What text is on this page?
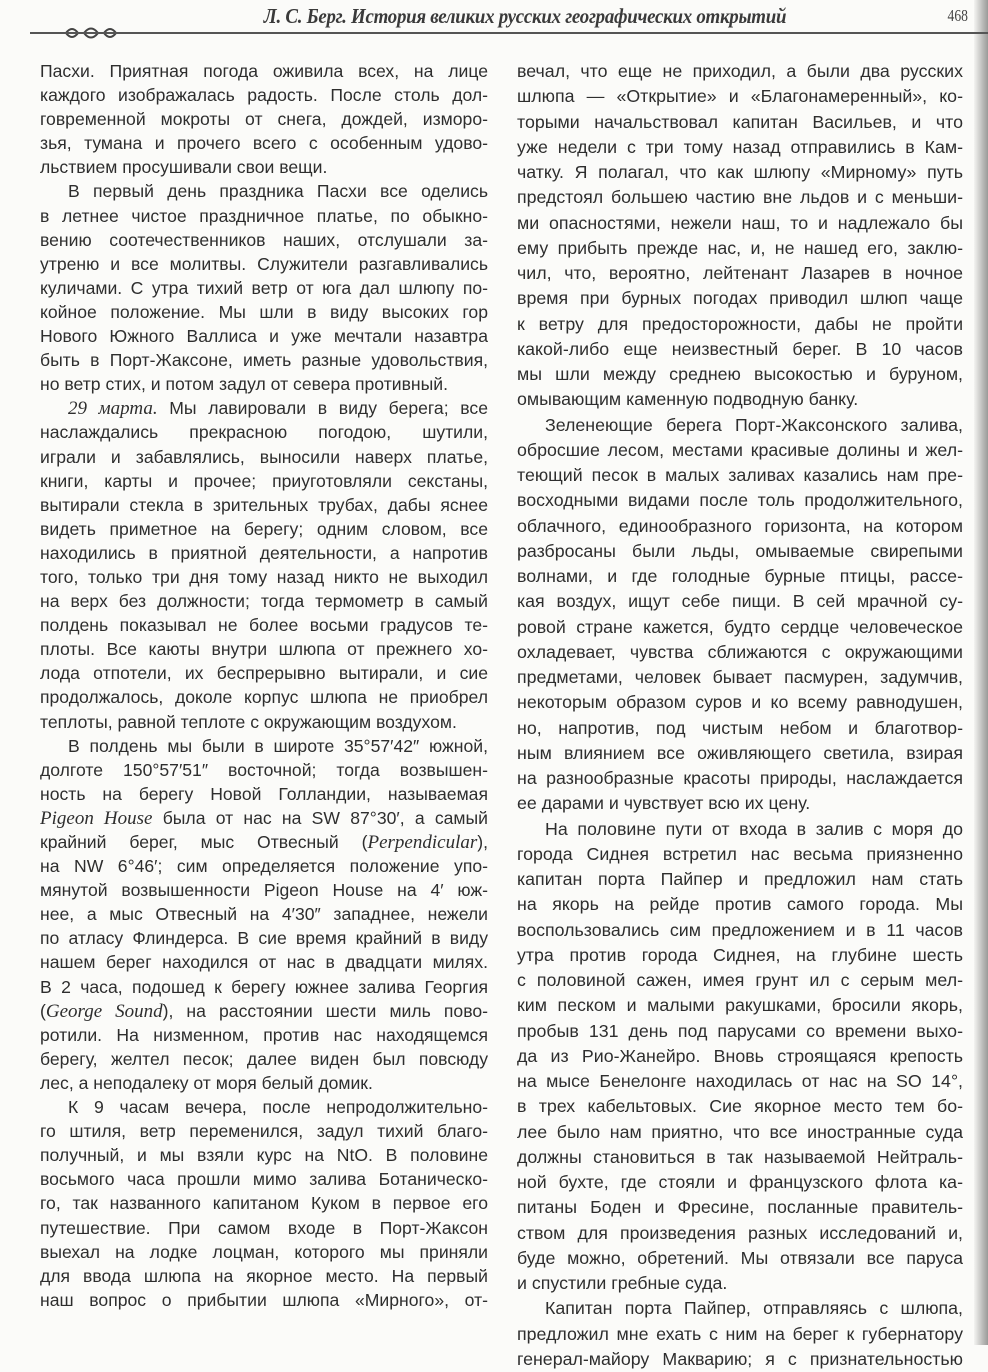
Л. С. Берг. История великих русских географических открытий	468
Пасхи. Приятная погода оживила всех, на лице
каждого изображалась радость. После столь дол-
говременной мокроты от снега, дождей, изморо-
зья, тумана и прочего всего с особенным удово-
льствием просушивали свои вещи.
В первый день праздника Пасхи все оделись
в летнее чистое праздничное платье, по обыкно-
вению соотечественников наших, отслушали за-
утреню и все молитвы. Служители разгавливались
куличами. С утра тихий ветр от юга дал шлюпу по-
койное положение. Мы шли в виду высоких гор
Нового Южного Валлиса и уже мечтали назавтра
быть в Порт-Жаксоне, иметь разные удовольствия,
но ветр стих, и потом задул от севера противный.
29 марта. Мы лавировали в виду берега; все
наслаждались прекрасною погодою, шутили,
играли и забавлялись, выносили наверх платье,
книги, карты и прочее; приуготовляли секстаны,
вытирали стекла в зрительных трубах, дабы яснее
видеть приметное на берегу; одним словом, все
находились в приятной деятельности, а напротив
того, только три дня тому назад никто не выходил
на верх без должности; тогда термометр в самый
полдень показывал не более восьми градусов те-
плоты. Все каюты внутри шлюпа от прежнего хо-
лода отпотели, их беспрерывно вытирали, и сие
продолжалось, доколе корпус шлюпа не приобрел
теплоты, равной теплоте с окружающим воздухом.
В полдень мы были в широте 35°57′42″ южной,
долготе 150°57′51″ восточной; тогда возвышен-
ность на берегу Новой Голландии, называемая
Pigeon House была от нас на SW 87°30′, а самый
крайний берег, мыс Отвесный (Perpendicular),
на NW 6°46′; сим определяется положение упо-
мянутой возвышенности Pigeon House на 4′ юж-
нее, а мыс Отвесный на 4′30″ западнее, нежели
по атласу Флиндерса. В сие время крайний в виду
нашем берег находился от нас в двадцати милях.
В 2 часа, подошед к берегу южнее залива Георгия
(George Sound), на расстоянии шести миль пово-
ротили. На низменном, против нас находящемся
берегу, желтел песок; далее виден был повсюду
лес, а неподалеку от моря белый домик.
К 9 часам вечера, после непродолжительно-
го штиля, ветр переменился, задул тихий благо-
получный, и мы взяли курс на NtO. В половине
восьмого часа прошли мимо залива Ботаническо-
го, так названного капитаном Куком в первое его
путешествие. При самом входе в Порт-Жаксон
выехал на лодке лоцман, которого мы приняли
для ввода шлюпа на якорное место. На первый
наш вопрос о прибытии шлюпа «Мирного», от-
вечал, что еще не приходил, а были два русских
шлюпа — «Открытие» и «Благонамеренный», ко-
торыми начальствовал капитан Васильев, и что
уже недели с три тому назад отправились в Кам-
чатку. Я полагал, что как шлюпу «Мирному» путь
предстоял большею частию вне льдов и с меньши-
ми опасностями, нежели наш, то и надлежало бы
ему прибыть прежде нас, и, не нашед его, заклю-
чил, что, вероятно, лейтенант Лазарев в ночное
время при бурных погодах приводил шлюп чаще
к ветру для предосторожности, дабы не пройти
какой-либо еще неизвестный берег. В 10 часов
мы шли между среднею высокостью и буруном,
омывающим каменную подводную банку.
Зеленеющие берега Порт-Жаксонского залива,
обросшие лесом, местами красивые долины и жел-
теющий песок в малых заливах казались нам пре-
восходными видами после толь продолжительного,
облачного, единообразного горизонта, на котором
разбросаны были льды, омываемые свирепыми
волнами, и где голодные бурные птицы, рассе-
кая воздух, ищут себе пищи. В сей мрачной су-
ровой стране кажется, будто сердце человеческое
охладевает, чувства сближаются с окружающими
предметами, человек бывает пасмурен, задумчив,
некоторым образом суров и ко всему равнодушен,
но, напротив, под чистым небом и благотвор-
ным влиянием все оживляющего светила, взирая
на разнообразные красоты природы, наслаждается
ее дарами и чувствует всю их цену.
На половине пути от входа в залив с моря до
города Сиднея встретил нас весьма приязненно
капитан порта Пайпер и предложил нам стать
на якорь на рейде против самого города. Мы
воспользовались сим предложением и в 11 часов
утра против города Сиднея, на глубине шесть
с половиной сажен, имея грунт ил с серым мел-
ким песком и малыми ракушками, бросили якорь,
пробыв 131 день под парусами со времени выхо-
да из Рио-Жанейро. Вновь строящаяся крепость
на мысе Бенелонге находилась от нас на SO 14°,
в трех кабельтовых. Сие якорное место тем бо-
лее было нам приятно, что все иностранные суда
должны становиться в так называемой Нейтраль-
ной бухте, где стояли и французского флота ка-
питаны Боден и Фресине, посланные правитель-
ством для произведения разных исследований и,
буде можно, обретений. Мы отвязали все паруса
и спустили гребные суда.
Капитан порта Пайпер, отправляясь с шлюпа,
предложил мне ехать с ним на берег к губернатору
генерал-майору Макварию; я с признательностью
